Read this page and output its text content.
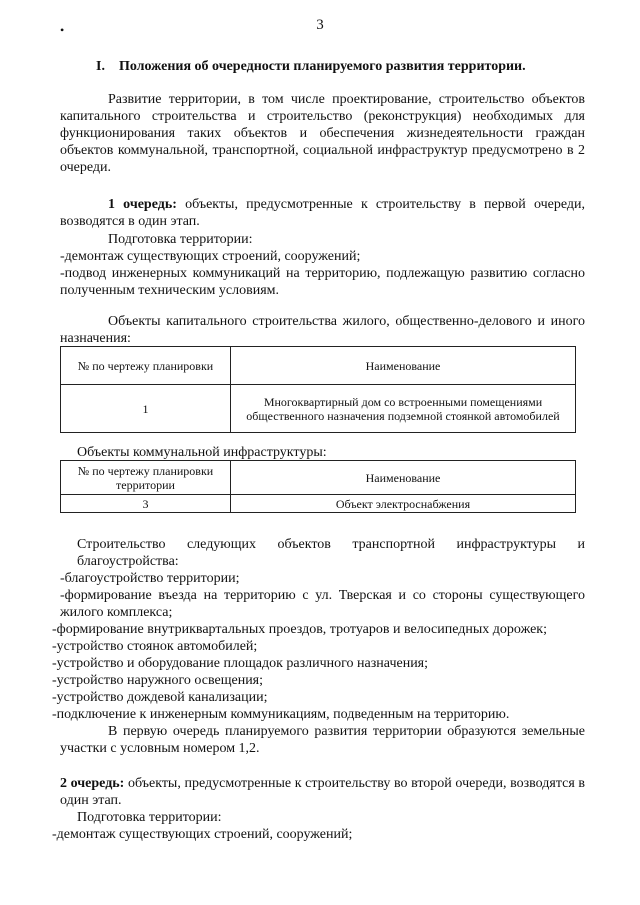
•	3
I. Положения об очередности планируемого развития территории.
Развитие территории, в том числе проектирование, строительство объектов капитального строительства и строительство (реконструкция) необходимых для функционирования таких объектов и обеспечения жизнедеятельности граждан объектов коммунальной, транспортной, социальной инфраструктур предусмотрено в 2 очереди.
1 очередь: объекты, предусмотренные к строительству в первой очереди, возводятся в один этап.
Подготовка территории:
-демонтаж существующих строений, сооружений;
-подвод инженерных коммуникаций на территорию, подлежащую развитию согласно полученным техническим условиям.
Объекты капитального строительства жилого, общественно-делового и иного назначения:
№ по чертежу планировки	Наименование
1	Многоквартирный дом со встроенными помещениями общественного назначения подземной стоянкой автомобилей
Объекты коммунальной инфраструктуры:
№ по чертежу планировки территории	Наименование
3	Объект электроснабжения
Строительство следующих объектов транспортной инфраструктуры и благоустройства:
-благоустройство территории;
-формирование въезда на территорию с ул. Тверская и со стороны существующего жилого комплекса;
-формирование внутриквартальных проездов, тротуаров и велосипедных дорожек;
-устройство стоянок автомобилей;
-устройство и оборудование площадок различного назначения;
-устройство наружного освещения;
-устройство дождевой канализации;
-подключение к инженерным коммуникациям, подведенным на территорию.
В первую очередь планируемого развития территории образуются земельные участки с условным номером 1,2.
2 очередь: объекты, предусмотренные к строительству во второй очереди, возводятся в один этап.
Подготовка территории:
-демонтаж существующих строений, сооружений;
